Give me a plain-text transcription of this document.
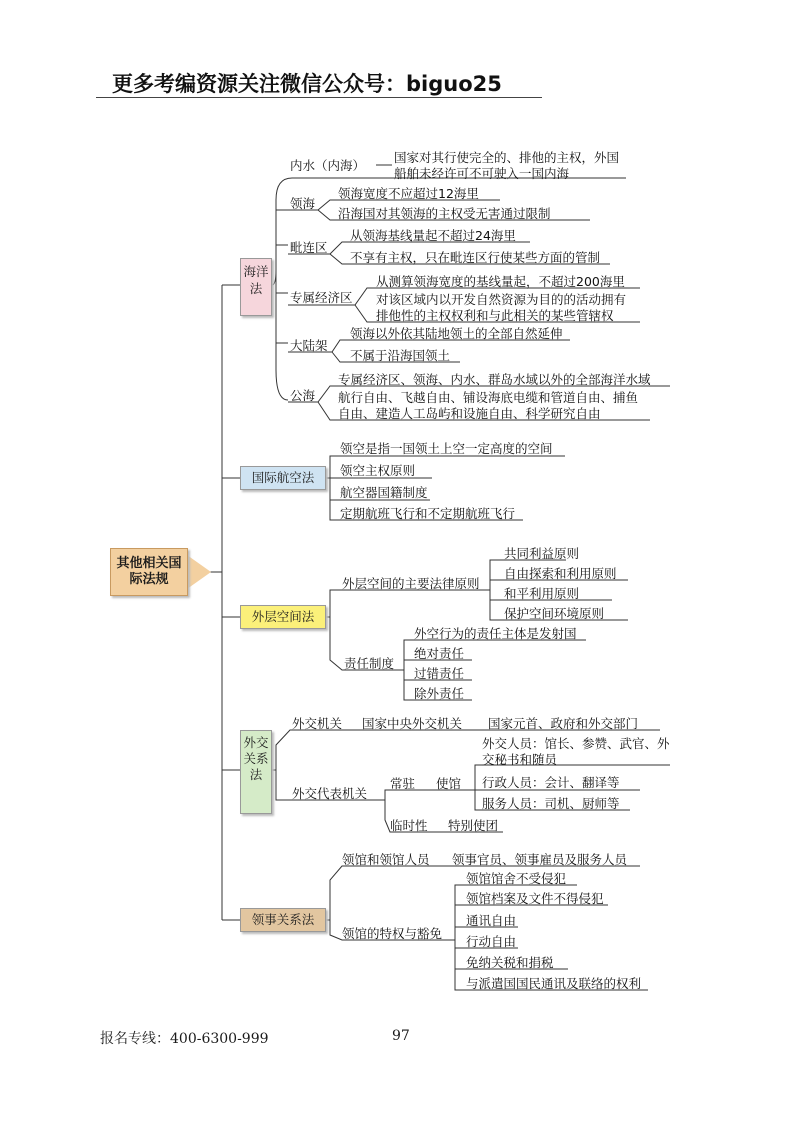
更多考编资源关注微信公众号：biguo25
其他相关国际法规
海洋法
国际航空法
外层空间法
外交关系法
领事关系法
内水（内海）
国家对其行使完全的、排他的主权，外国船舶未经许可不可驶入一国内海
领海
领海宽度不应超过12海里
沿海国对其领海的主权受无害通过限制
毗连区
从领海基线量起不超过24海里
不享有主权，只在毗连区行使某些方面的管制
专属经济区
从测算领海宽度的基线量起，不超过200海里
对该区域内以开发自然资源为目的的活动拥有排他性的主权权利和与此相关的某些管辖权
大陆架
领海以外依其陆地领土的全部自然延伸
不属于沿海国领土
公海
专属经济区、领海、内水、群岛水域以外的全部海洋水域
航行自由、飞越自由、铺设海底电缆和管道自由、捕鱼自由、建造人工岛屿和设施自由、科学研究自由
领空是指一国领土上空一定高度的空间
领空主权原则
航空器国籍制度
定期航班飞行和不定期航班飞行
外层空间的主要法律原则
共同利益原则
自由探索和利用原则
和平利用原则
保护空间环境原则
责任制度
外空行为的责任主体是发射国
绝对责任
过错责任
除外责任
外交机关 国家中央外交机关 国家元首、政府和外交部门
外交代表机关
常驻 使馆
外交人员：馆长、参赞、武官、外交秘书和随员
行政人员：会计、翻译等
服务人员：司机、厨师等
临时性 特别使团
领馆和领馆人员 领事官员、领事雇员及服务人员
领馆的特权与豁免
领馆馆舍不受侵犯
领馆档案及文件不得侵犯
通讯自由
行动自由
免纳关税和捐税
与派遣国国民通讯及联络的权利
报名专线：400-6300-999	97
